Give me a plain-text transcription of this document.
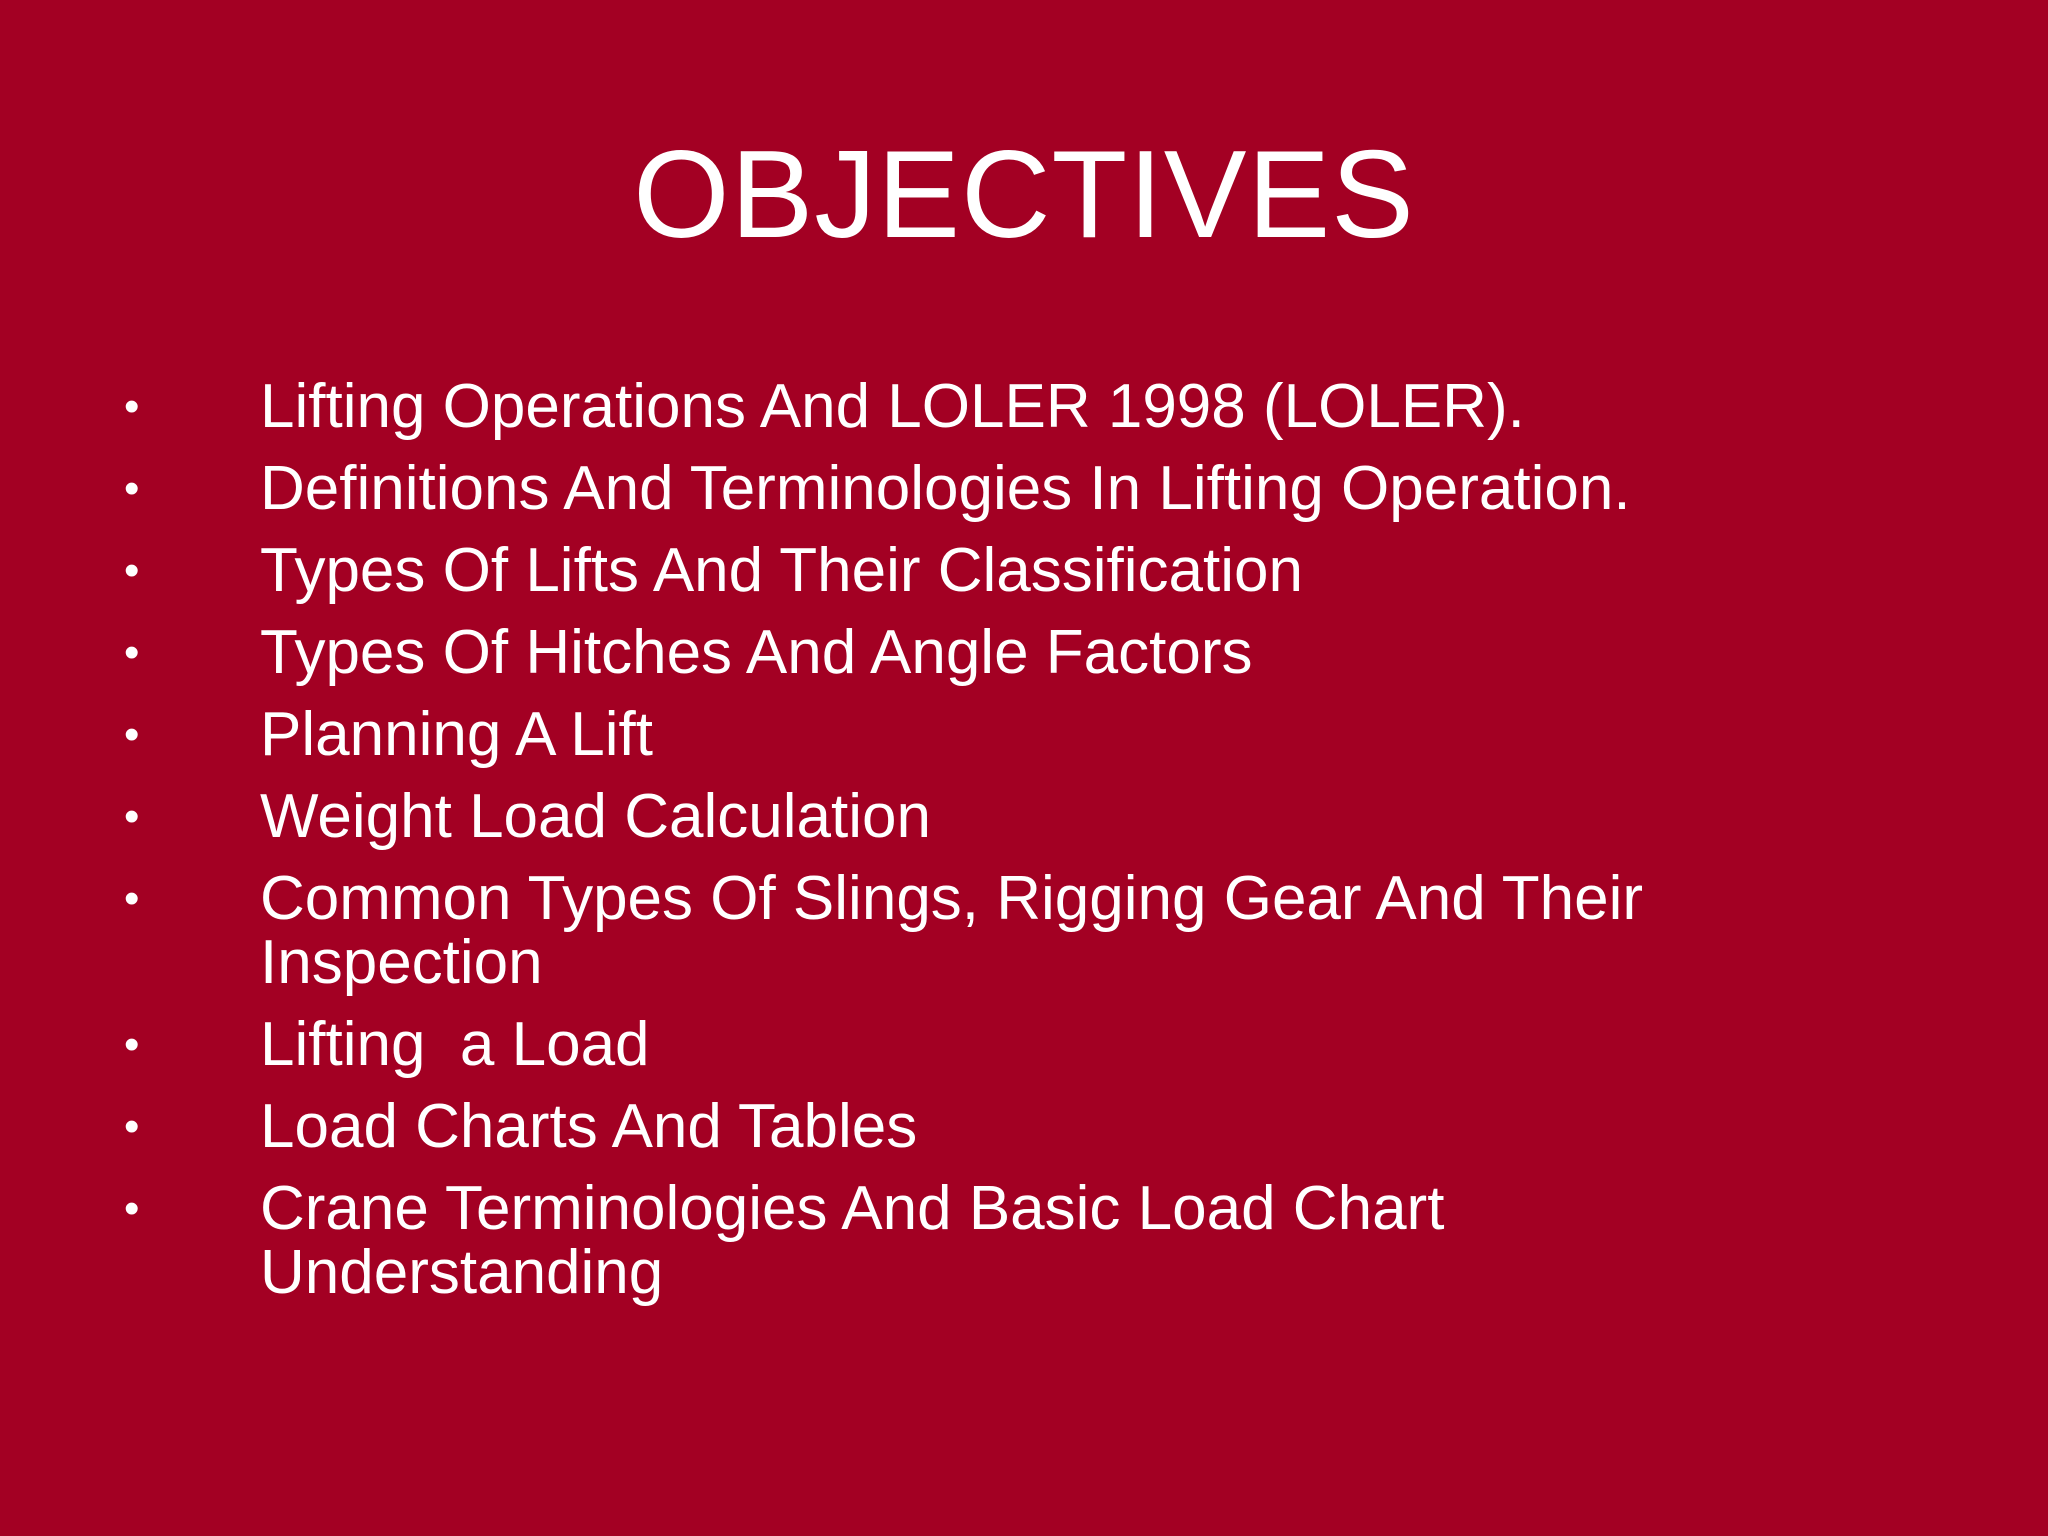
OBJECTIVES
• Lifting Operations And LOLER 1998 (LOLER).
• Definitions And Terminologies In Lifting Operation.
• Types Of Lifts And Their Classification
• Types Of Hitches And Angle Factors
• Planning A Lift
• Weight Load Calculation
• Common Types Of Slings, Rigging Gear And Their Inspection
• Lifting  a Load
• Load Charts And Tables
• Crane Terminologies And Basic Load Chart Understanding
